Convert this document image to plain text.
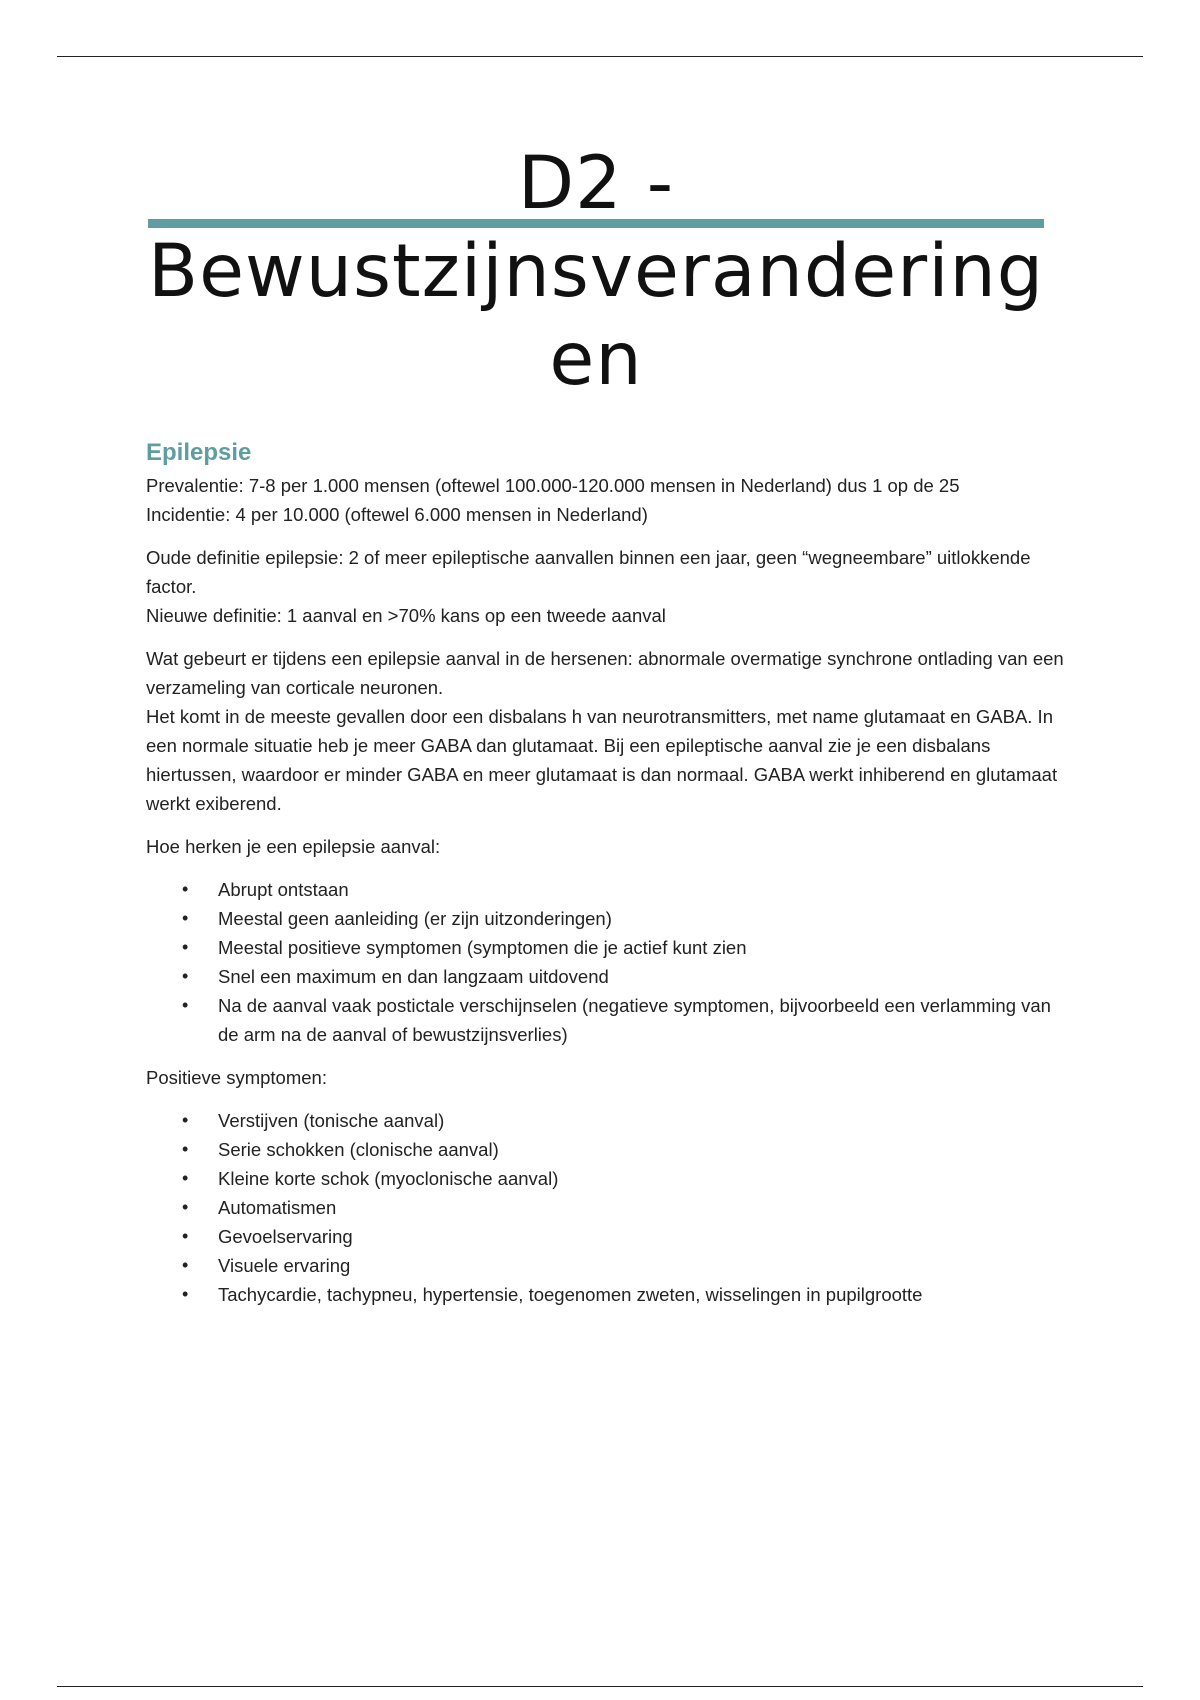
D2 -
Bewustzijnsverandering
en
Epilepsie

Prevalentie: 7-8 per 1.000 mensen (oftewel 100.000-120.000 mensen in Nederland) dus 1 op de 25
Incidentie: 4 per 10.000 (oftewel 6.000 mensen in Nederland)

Oude definitie epilepsie: 2 of meer epileptische aanvallen binnen een jaar, geen “wegneembare” uitlokkende factor.
Nieuwe definitie: 1 aanval en >70% kans op een tweede aanval

Wat gebeurt er tijdens een epilepsie aanval in de hersenen: abnormale overmatige synchrone ontlading van een verzameling van corticale neuronen.
Het komt in de meeste gevallen door een disbalans h van neurotransmitters, met name glutamaat en GABA. In een normale situatie heb je meer GABA dan glutamaat. Bij een epileptische aanval zie je een disbalans hiertussen, waardoor er minder GABA en meer glutamaat is dan normaal. GABA werkt inhiberend en glutamaat werkt exiberend.

Hoe herken je een epilepsie aanval:

• Abrupt ontstaan
• Meestal geen aanleiding (er zijn uitzonderingen)
• Meestal positieve symptomen (symptomen die je actief kunt zien
• Snel een maximum en dan langzaam uitdovend
• Na de aanval vaak postictale verschijnselen (negatieve symptomen, bijvoorbeeld een verlamming van de arm na de aanval of bewustzijnsverlies)

Positieve symptomen:

• Verstijven (tonische aanval)
• Serie schokken (clonische aanval)
• Kleine korte schok (myoclonische aanval)
• Automatismen
• Gevoelservaring
• Visuele ervaring
• Tachycardie, tachypneu, hypertensie, toegenomen zweten, wisselingen in pupilgrootte
